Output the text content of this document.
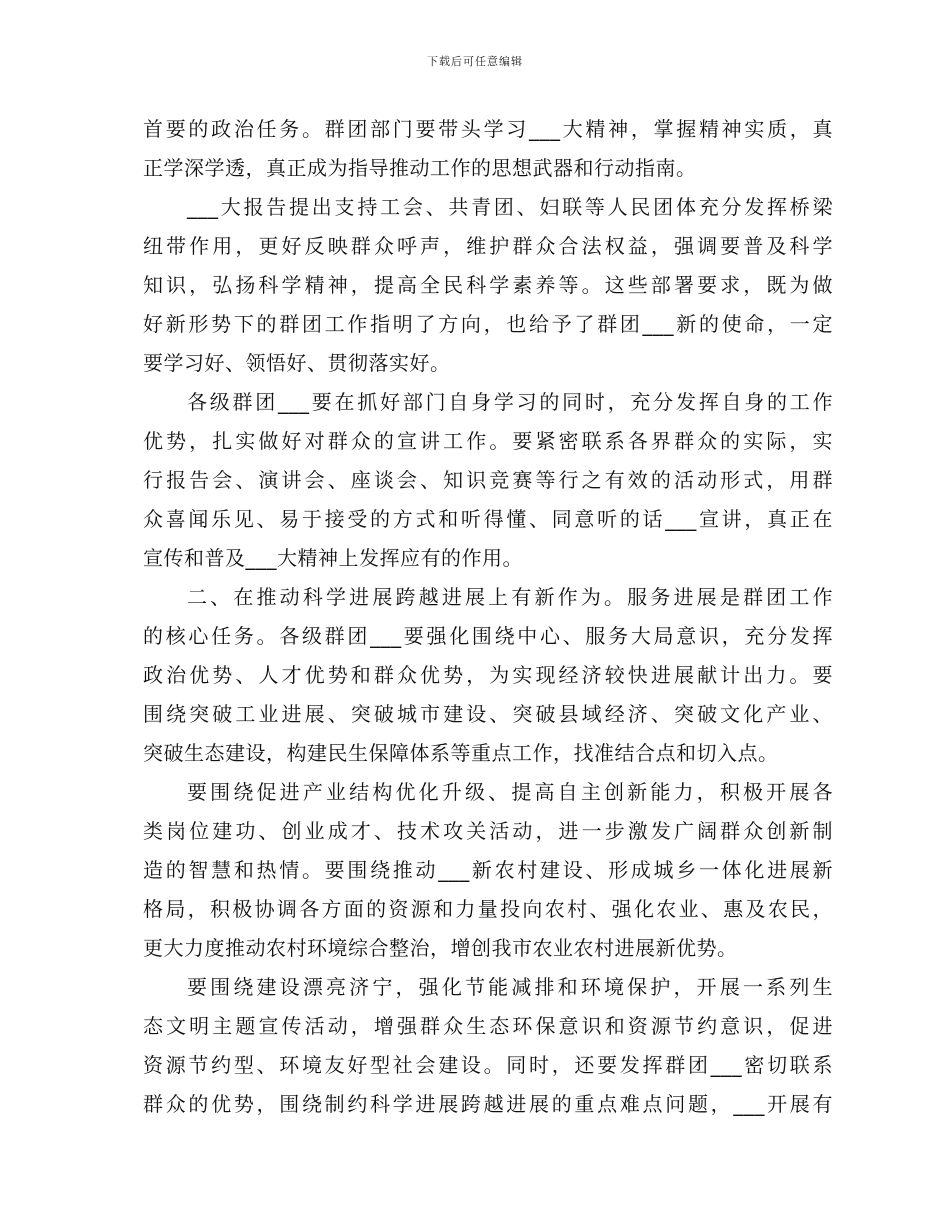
下载后可任意编辑
首要的政治任务。群团部门要带头学习___大精神，掌握精神实质，真
正学深学透，真正成为指导推动工作的思想武器和行动指南。
___大报告提出支持工会、共青团、妇联等人民团体充分发挥桥梁
纽带作用，更好反映群众呼声，维护群众合法权益，强调要普及科学
知识，弘扬科学精神，提高全民科学素养等。这些部署要求，既为做
好新形势下的群团工作指明了方向，也给予了群团___新的使命，一定
要学习好、领悟好、贯彻落实好。
各级群团___要在抓好部门自身学习的同时，充分发挥自身的工作
优势，扎实做好对群众的宣讲工作。要紧密联系各界群众的实际，实
行报告会、演讲会、座谈会、知识竞赛等行之有效的活动形式，用群
众喜闻乐见、易于接受的方式和听得懂、同意听的话___宣讲，真正在
宣传和普及___大精神上发挥应有的作用。
二、在推动科学进展跨越进展上有新作为。服务进展是群团工作
的核心任务。各级群团___要强化围绕中心、服务大局意识，充分发挥
政治优势、人才优势和群众优势，为实现经济较快进展献计出力。要
围绕突破工业进展、突破城市建设、突破县域经济、突破文化产业、
突破生态建设，构建民生保障体系等重点工作，找准结合点和切入点。
要围绕促进产业结构优化升级、提高自主创新能力，积极开展各
类岗位建功、创业成才、技术攻关活动，进一步激发广阔群众创新制
造的智慧和热情。要围绕推动___新农村建设、形成城乡一体化进展新
格局，积极协调各方面的资源和力量投向农村、强化农业、惠及农民，
更大力度推动农村环境综合整治，增创我市农业农村进展新优势。
要围绕建设漂亮济宁，强化节能减排和环境保护，开展一系列生
态文明主题宣传活动，增强群众生态环保意识和资源节约意识，促进
资源节约型、环境友好型社会建设。同时，还要发挥群团___密切联系
群众的优势，围绕制约科学进展跨越进展的重点难点问题，___开展有
